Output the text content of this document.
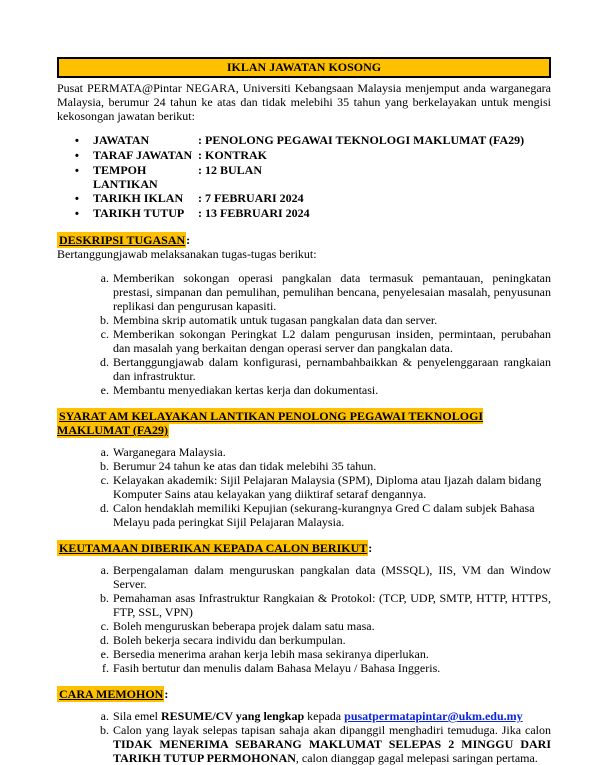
IKLAN JAWATAN KOSONG

Pusat PERMATA@Pintar NEGARA, Universiti Kebangsaan Malaysia menjemput anda warganegara Malaysia, berumur 24 tahun ke atas dan tidak melebihi 35 tahun yang berkelayakan untuk mengisi kekosongan jawatan berikut:

•
JAWATAN	: PENOLONG PEGAWAI TEKNOLOGI MAKLUMAT (FA29)
•
TARAF JAWATAN : KONTRAK
•
TEMPOH LANTIKAN
: 12 BULAN
•
TARIKH IKLAN	: 7 FEBRUARI 2024
•
TARIKH TUTUP	: 13 FEBRUARI 2024

DESKRIPSI TUGASAN:

Bertanggungjawab melaksanakan tugas-tugas berikut:

a. Memberikan sokongan operasi pangkalan data termasuk pemantauan, peningkatan prestasi, simpanan dan pemulihan, pemulihan bencana, penyelesaian masalah, penyusunan replikasi dan pengurusan kapasiti.
b. Membina skrip automatik untuk tugasan pangkalan data dan server.
c. Memberikan sokongan Peringkat L2 dalam pengurusan insiden, permintaan, perubahan dan masalah yang berkaitan dengan operasi server dan pangkalan data.
d. Bertanggungjawab dalam konfigurasi, pernambahbaikkan & penyelenggaraan rangkaian dan infrastruktur.
e. Membantu menyediakan kertas kerja dan dokumentasi.

SYARAT AM KELAYAKAN LANTIKAN PENOLONG PEGAWAI TEKNOLOGI MAKLUMAT (FA29)

a. Warganegara Malaysia.
b. Berumur 24 tahun ke atas dan tidak melebihi 35 tahun.
c. Kelayakan akademik: Sijil Pelajaran Malaysia (SPM), Diploma atau Ijazah dalam bidang Komputer Sains atau kelayakan yang diiktiraf setaraf dengannya.
d. Calon hendaklah memiliki Kepujian (sekurang-kurangnya Gred C dalam subjek Bahasa Melayu pada peringkat Sijil Pelajaran Malaysia.

KEUTAMAAN DIBERIKAN KEPADA CALON BERIKUT:

a. Berpengalaman dalam menguruskan pangkalan data (MSSQL), IIS, VM dan Window Server.
b. Pemahaman asas Infrastruktur Rangkaian & Protokol: (TCP, UDP, SMTP, HTTP, HTTPS, FTP, SSL, VPN)
c. Boleh menguruskan beberapa projek dalam satu masa.
d. Boleh bekerja secara individu dan berkumpulan.
e. Bersedia menerima arahan kerja lebih masa sekiranya diperlukan.
f. Fasih bertutur dan menulis dalam Bahasa Melayu / Bahasa Inggeris.

CARA MEMOHON:

a. Sila emel RESUME/CV yang lengkap kepada pusatpermatapintar@ukm.edu.my
b. Calon yang layak selepas tapisan sahaja akan dipanggil menghadiri temuduga. Jika calon TIDAK MENERIMA SEBARANG MAKLUMAT SELEPAS 2 MINGGU DARI TARIKH TUTUP PERMOHONAN, calon dianggap gagal melepasi saringan pertama.
